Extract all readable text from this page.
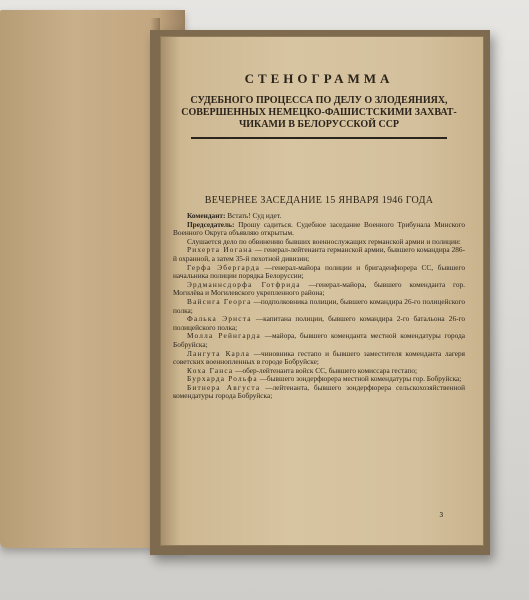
СТЕНОГРАММА
СУДЕБНОГО ПРОЦЕССА ПО ДЕЛУ О ЗЛОДЕЯНИЯХ,
СОВЕРШЕННЫХ НЕМЕЦКО-ФАШИСТСКИМИ ЗАХВАТ-
ЧИКАМИ В БЕЛОРУССКОЙ ССР
ВЕЧЕРНЕЕ ЗАСЕДАНИЕ 15 ЯНВАРЯ 1946 ГОДА

Комендант: Встать! Суд идет.

Председатель: Прошу садиться. Судебное заседание Военного Трибунала Минского Военного Округа объявляю открытым.

Слушается дело по обвинению бывших военнослужащих германской армии и полиции:

Рихерта Иогана — генерал-лейтенанта германской армии, бывшего командира 286-й охранной, а затем 35-й пехотной дивизии;

Герфа Эбергарда —генерал-майора полиции и бригаденфюрера СС, бывшего начальника полиции порядка Белоруссии;

Эрдманнсдорфа Готфрида —генерал-майора, бывшего коменданта гор. Могилёва и Могилевского укрепленного района;

Вайсига Георга —подполковника полиции, бывшего командира 26-го полицейского полка;

Фалька Эрнста —капитана полиции, бывшего командира 2-го батальона 26-го полицейского полка;

Молла Рейнгарда —майора, бывшего коменданта местной комендатуры города Бобруйска;

Лангута Карла —чиновника гестапо и бывшего заместителя коменданта лагеря советских военнопленных в городе Бобруйске;

Коха Ганса —обер-лейтенанта войск СС, бывшего комиссара гестапо;

Бурхарда Рольфа —бывшего зондерфюрера местной комендатуры гор. Бобруйска;

Битнера Августа —лейтенанта, бывшего зондерфюрера сельскохозяйственной комендатуры города Бобруйска;

3
